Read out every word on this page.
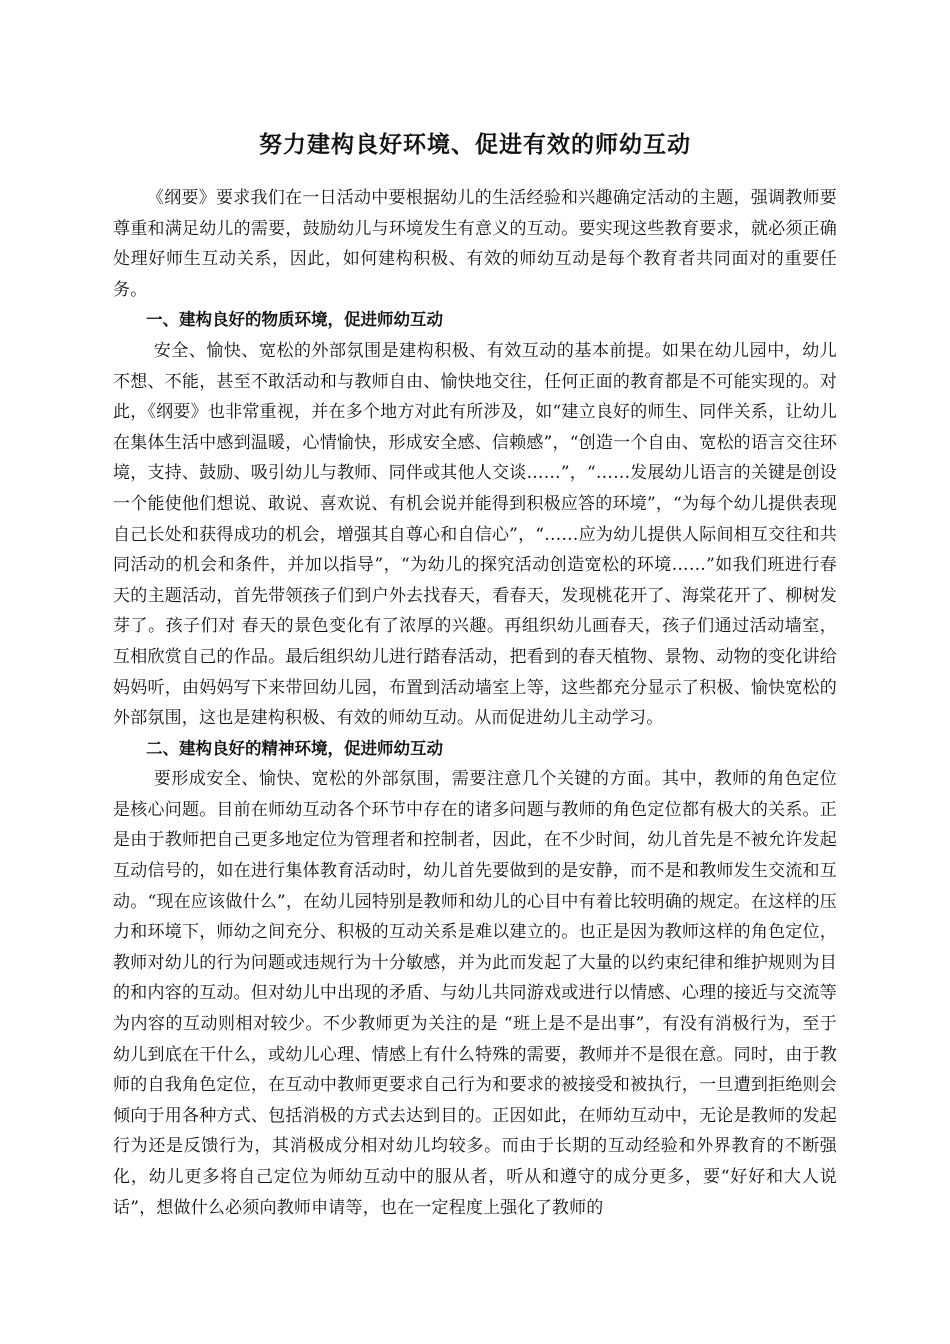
努力建构良好环境、促进有效的师幼互动

《纲要》要求我们在一日活动中要根据幼儿的生活经验和兴趣确定活动的主题，强调教师要尊重和满足幼儿的需要，鼓励幼儿与环境发生有意义的互动。要实现这些教育要求，就必须正确处理好师生互动关系，因此，如何建构积极、有效的师幼互动是每个教育者共同面对的重要任务。

一、建构良好的物质环境，促进师幼互动

安全、愉快、宽松的外部氛围是建构积极、有效互动的基本前提。如果在幼儿园中，幼儿不想、不能，甚至不敢活动和与教师自由、愉快地交往，任何正面的教育都是不可能实现的。对此，《纲要》也非常重视，并在多个地方对此有所涉及，如“建立良好的师生、同伴关系，让幼儿在集体生活中感到温暖，心情愉快，形成安全感、信赖感”，“创造一个自由、宽松的语言交往环境，支持、鼓励、吸引幼儿与教师、同伴或其他人交谈……”，“……发展幼儿语言的关键是创设一个能使他们想说、敢说、喜欢说、有机会说并能得到积极应答的环境”，“为每个幼儿提供表现自己长处和获得成功的机会，增强其自尊心和自信心”，“……应为幼儿提供人际间相互交往和共同活动的机会和条件，并加以指导”，“为幼儿的探究活动创造宽松的环境……”如我们班进行春天的主题活动，首先带领孩子们到户外去找春天，看春天，发现桃花开了、海棠花开了、柳树发芽了。孩子们对 春天的景色变化有了浓厚的兴趣。再组织幼儿画春天，孩子们通过活动墙室，互相欣赏自己的作品。最后组织幼儿进行踏春活动，把看到的春天植物、景物、动物的变化讲给妈妈听，由妈妈写下来带回幼儿园，布置到活动墙室上等，这些都充分显示了积极、愉快宽松的外部氛围，这也是建构积极、有效的师幼互动。从而促进幼儿主动学习。

二、建构良好的精神环境，促进师幼互动

要形成安全、愉快、宽松的外部氛围，需要注意几个关键的方面。其中，教师的角色定位是核心问题。目前在师幼互动各个环节中存在的诸多问题与教师的角色定位都有极大的关系。正是由于教师把自己更多地定位为管理者和控制者，因此，在不少时间，幼儿首先是不被允许发起互动信号的，如在进行集体教育活动时，幼儿首先要做到的是安静，而不是和教师发生交流和互动。“现在应该做什么”，在幼儿园特别是教师和幼儿的心目中有着比较明确的规定。在这样的压力和环境下，师幼之间充分、积极的互动关系是难以建立的。也正是因为教师这样的角色定位，教师对幼儿的行为问题或违规行为十分敏感，并为此而发起了大量的以约束纪律和维护规则为目的和内容的互动。但对幼儿中出现的矛盾、与幼儿共同游戏或进行以情感、心理的接近与交流等为内容的互动则相对较少。不少教师更为关注的是 “班上是不是出事”，有没有消极行为，至于幼儿到底在干什么，或幼儿心理、情感上有什么特殊的需要，教师并不是很在意。同时，由于教师的自我角色定位，在互动中教师更要求自己行为和要求的被接受和被执行，一旦遭到拒绝则会倾向于用各种方式、包括消极的方式去达到目的。正因如此，在师幼互动中，无论是教师的发起行为还是反馈行为，其消极成分相对幼儿均较多。而由于长期的互动经验和外界教育的不断强化，幼儿更多将自己定位为师幼互动中的服从者，听从和遵守的成分更多，要“好好和大人说话”，想做什么必须向教师申请等，也在一定程度上强化了教师的
